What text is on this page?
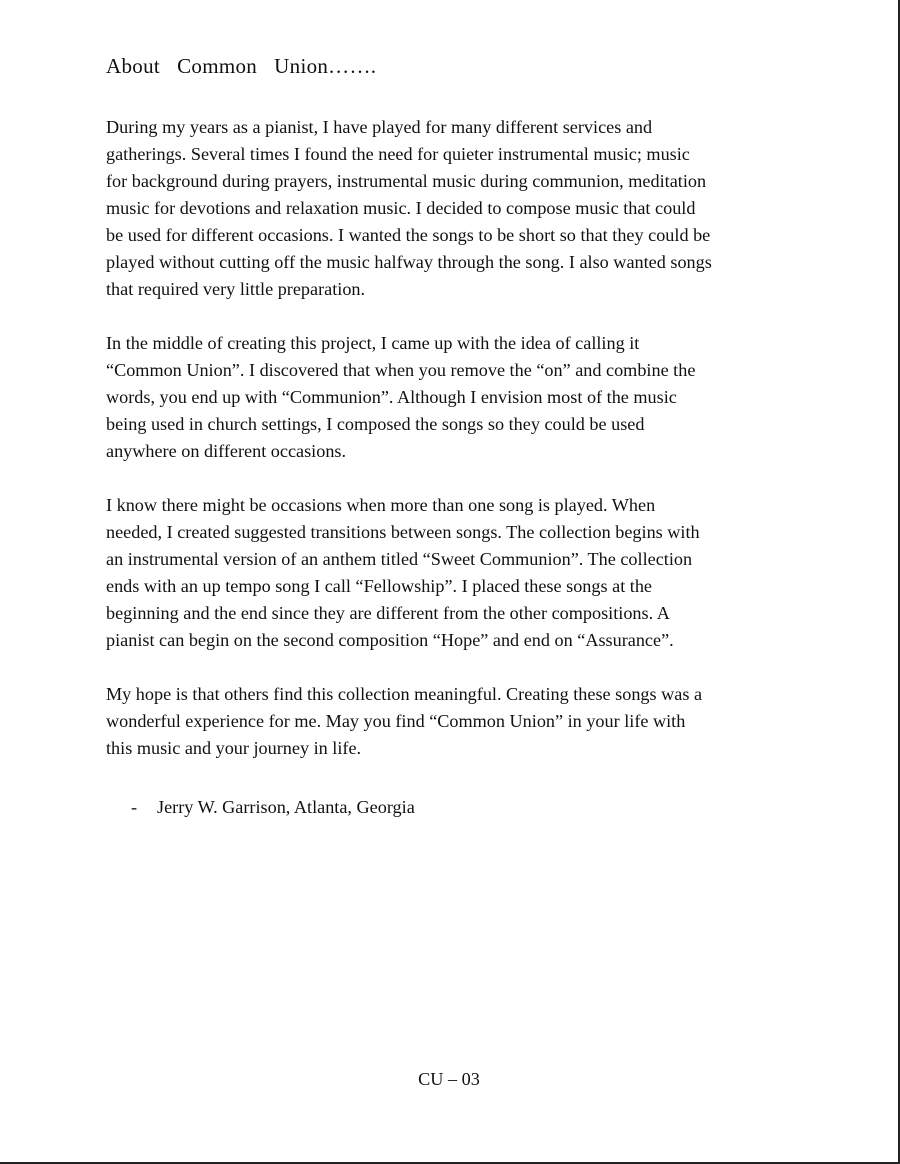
About  Common  Union…….

During my years as a pianist, I have played for many different services and
gatherings. Several times I found the need for quieter instrumental music; music
for background during prayers, instrumental music during communion, meditation
music for devotions and relaxation music. I decided to compose music that could
be used for different occasions. I wanted the songs to be short so that they could be
played without cutting off the music halfway through the song. I also wanted songs
that required very little preparation.

In the middle of creating this project, I came up with the idea of calling it
“Common Union”. I discovered that when you remove the “on” and combine the
words, you end up with “Communion”. Although I envision most of the music
being used in church settings, I composed the songs so they could be used
anywhere on different occasions.

I know there might be occasions when more than one song is played. When
needed, I created suggested transitions between songs. The collection begins with
an instrumental version of an anthem titled “Sweet Communion”. The collection
ends with an up tempo song I call “Fellowship”. I placed these songs at the
beginning and the end since they are different from the other compositions. A
pianist can begin on the second composition “Hope” and end on “Assurance”.

My hope is that others find this collection meaningful. Creating these songs was a
wonderful experience for me. May you find “Common Union” in your life with
this music and your journey in life.

- Jerry W. Garrison, Atlanta, Georgia
CU – 03
